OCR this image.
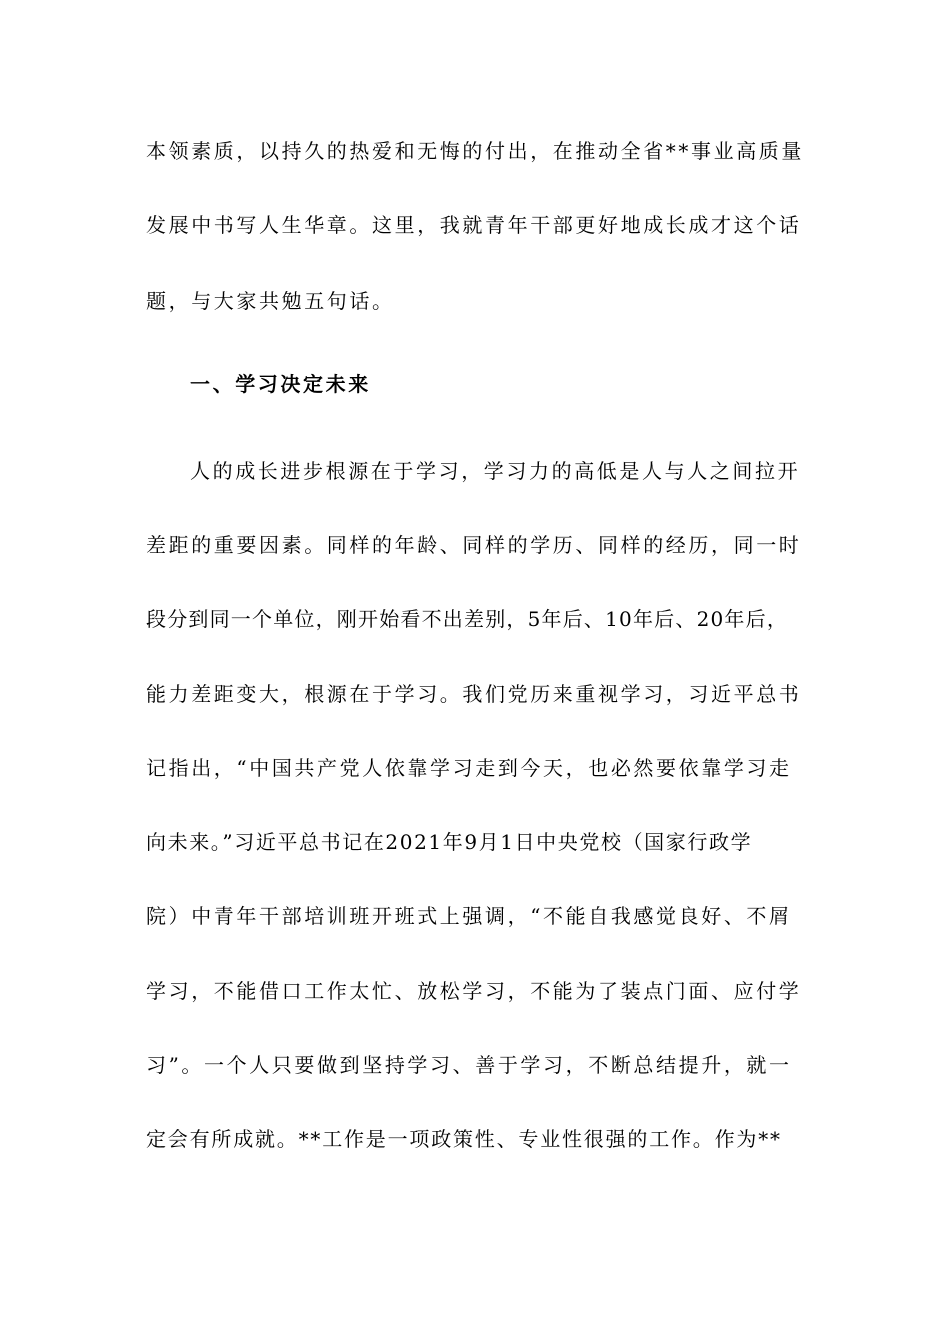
本领素质，以持久的热爱和无悔的付出，在推动全省**事业高质量
发展中书写人生华章。这里，我就青年干部更好地成长成才这个话
题，与大家共勉五句话。
一、学习决定未来
人的成长进步根源在于学习，学习力的高低是人与人之间拉开
差距的重要因素。同样的年龄、同样的学历、同样的经历，同一时
段分到同一个单位，刚开始看不出差别，5年后、10年后、20年后，
能力差距变大，根源在于学习。我们党历来重视学习，习近平总书
记指出，“中国共产党人依靠学习走到今天，也必然要依靠学习走
向未来。”习近平总书记在2021年9月1日中央党校（国家行政学
院）中青年干部培训班开班式上强调，“不能自我感觉良好、不屑
学习，不能借口工作太忙、放松学习，不能为了装点门面、应付学
习”。一个人只要做到坚持学习、善于学习，不断总结提升，就一
定会有所成就。**工作是一项政策性、专业性很强的工作。作为**
